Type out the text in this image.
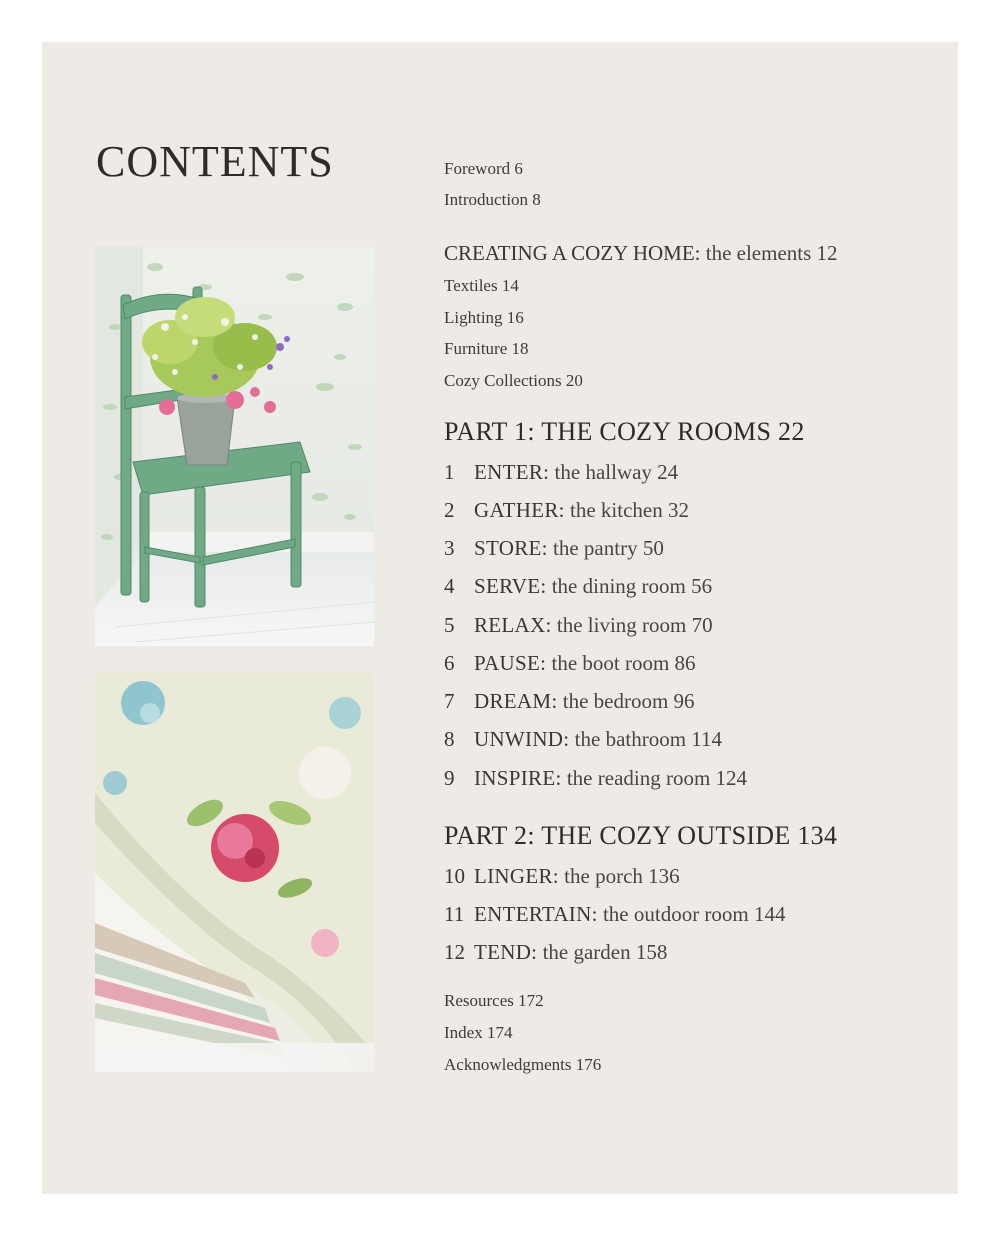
CONTENTS	Foreword 6
Introduction 8
CREATING A COZY HOME: the elements 12
Textiles 14
Lighting 16
Furniture 18
Cozy Collections 20
PART 1: THE COZY ROOMS 22
1 ENTER: the hallway 24
2 GATHER: the kitchen 32
3 STORE: the pantry 50
4 SERVE: the dining room 56
5 RELAX: the living room 70
6 PAUSE: the boot room 86
7 DREAM: the bedroom 96
8 UNWIND: the bathroom 114
9 INSPIRE: the reading room 124
PART 2: THE COZY OUTSIDE 134
10 LINGER: the porch 136
11 ENTERTAIN: the outdoor room 144
12 TEND: the garden 158
Resources 172
Index 174
Acknowledgments 176
